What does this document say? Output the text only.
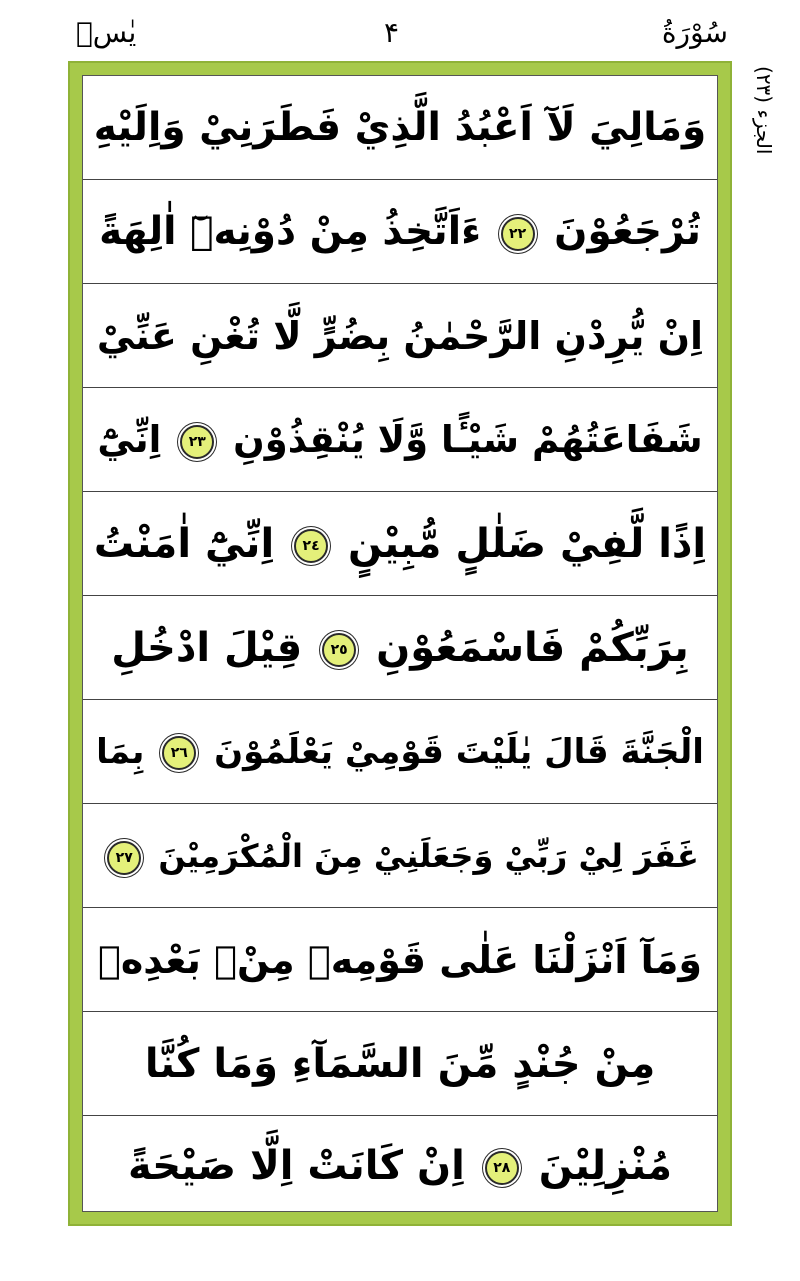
يٰسۗ	۴	سُوْرَةُ
الجزء (٢٣)
وَمَالِيَ لَآ اَعْبُدُ الَّذِيْ فَطَرَنِيْ وَاِلَيْهِ
تُرْجَعُوْنَ ٢٢ ءَاَتَّخِذُ مِنْ دُوْنِهٖٓ اٰلِهَةً
اِنْ يُّرِدْنِ الرَّحْمٰنُ بِضُرٍّ لَّا تُغْنِ عَنِّيْ
شَفَاعَتُهُمْ شَيْـًٔا وَّلَا يُنْقِذُوْنِ ٢٣ اِنِّيْٓ
اِذًا لَّفِيْ ضَلٰلٍ مُّبِيْنٍ ٢٤ اِنِّيْٓ اٰمَنْتُ
بِرَبِّكُمْ فَاسْمَعُوْنِ ٢٥ قِيْلَ ادْخُلِ
الْجَنَّةَ قَالَ يٰلَيْتَ قَوْمِيْ يَعْلَمُوْنَ ٢٦ بِمَا
غَفَرَ لِيْ رَبِّيْ وَجَعَلَنِيْ مِنَ الْمُكْرَمِيْنَ ٢٧
وَمَآ اَنْزَلْنَا عَلٰى قَوْمِهٖ مِنْۢ بَعْدِهٖ
مِنْ جُنْدٍ مِّنَ السَّمَآءِ وَمَا كُنَّا
مُنْزِلِيْنَ ٢٨ اِنْ كَانَتْ اِلَّا صَيْحَةً
